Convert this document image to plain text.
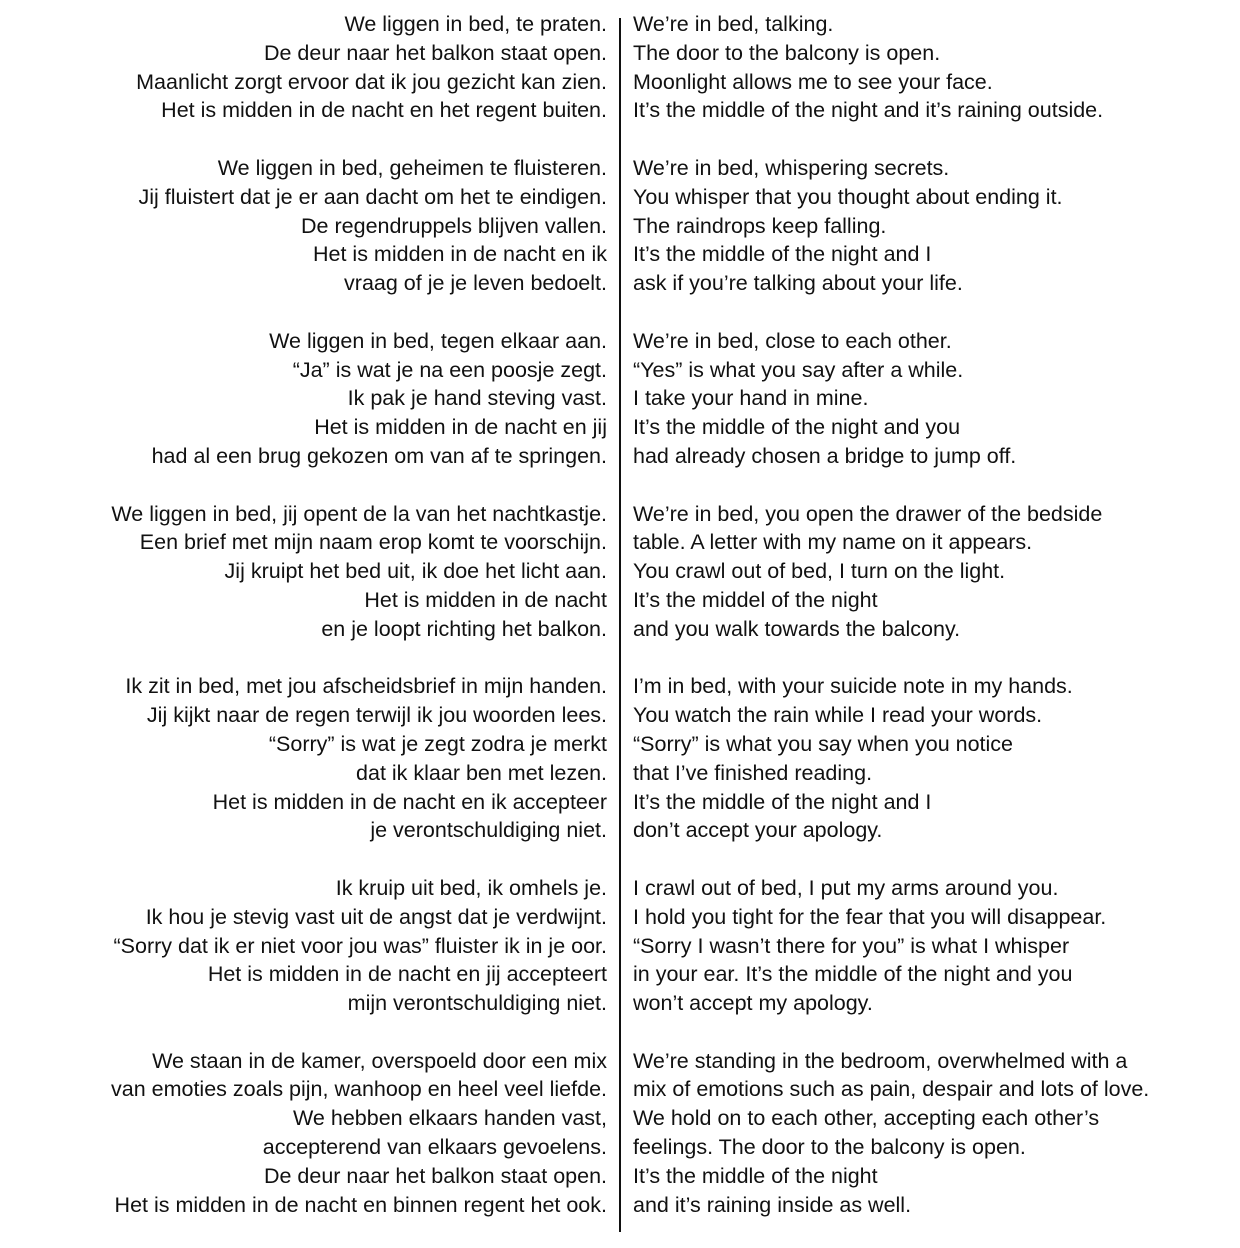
We liggen in bed, te praten.
De deur naar het balkon staat open.
Maanlicht zorgt ervoor dat ik jou gezicht kan zien.
Het is midden in de nacht en het regent buiten.
We liggen in bed, geheimen te fluisteren.
Jij fluistert dat je er aan dacht om het te eindigen.
De regendruppels blijven vallen.
Het is midden in de nacht en ik
vraag of je je leven bedoelt.
We liggen in bed, tegen elkaar aan.
“Ja” is wat je na een poosje zegt.
Ik pak je hand steving vast.
Het is midden in de nacht en jij
had al een brug gekozen om van af te springen.
We liggen in bed, jij opent de la van het nachtkastje.
Een brief met mijn naam erop komt te voorschijn.
Jij kruipt het bed uit, ik doe het licht aan.
Het is midden in de nacht
en je loopt richting het balkon.
Ik zit in bed, met jou afscheidsbrief in mijn handen.
Jij kijkt naar de regen terwijl ik jou woorden lees.
“Sorry” is wat je zegt zodra je merkt
dat ik klaar ben met lezen.
Het is midden in de nacht en ik accepteer
je verontschuldiging niet.
Ik kruip uit bed, ik omhels je.
Ik hou je stevig vast uit de angst dat je verdwijnt.
“Sorry dat ik er niet voor jou was” fluister ik in je oor.
Het is midden in de nacht en jij accepteert
mijn verontschuldiging niet.
We staan in de kamer, overspoeld door een mix
van emoties zoals pijn, wanhoop en heel veel liefde.
We hebben elkaars handen vast,
accepterend van elkaars gevoelens.
De deur naar het balkon staat open.
Het is midden in de nacht en binnen regent het ook.
We’re in bed, talking.
The door to the balcony is open.
Moonlight allows me to see your face.
It’s the middle of the night and it’s raining outside.
We’re in bed, whispering secrets.
You whisper that you thought about ending it.
The raindrops keep falling.
It’s the middle of the night and I
ask if you’re talking about your life.
We’re in bed, close to each other.
“Yes” is what you say after a while.
I take your hand in mine.
It’s the middle of the night and you
had already chosen a bridge to jump off.
We’re in bed, you open the drawer of the bedside
table. A letter with my name on it appears.
You crawl out of bed, I turn on the light.
It’s the middel of the night
and you walk towards the balcony.
I’m in bed, with your suicide note in my hands.
You watch the rain while I read your words.
“Sorry” is what you say when you notice
that I’ve finished reading.
It’s the middle of the night and I
don’t accept your apology.
I crawl out of bed, I put my arms around you.
I hold you tight for the fear that you will disappear.
“Sorry I wasn’t there for you” is what I whisper
in your ear. It’s the middle of the night and you
won’t accept my apology.
We’re standing in the bedroom, overwhelmed with a
mix of emotions such as pain, despair and lots of love.
We hold on to each other, accepting each other’s
feelings. The door to the balcony is open.
It’s the middle of the night
and it’s raining inside as well.
